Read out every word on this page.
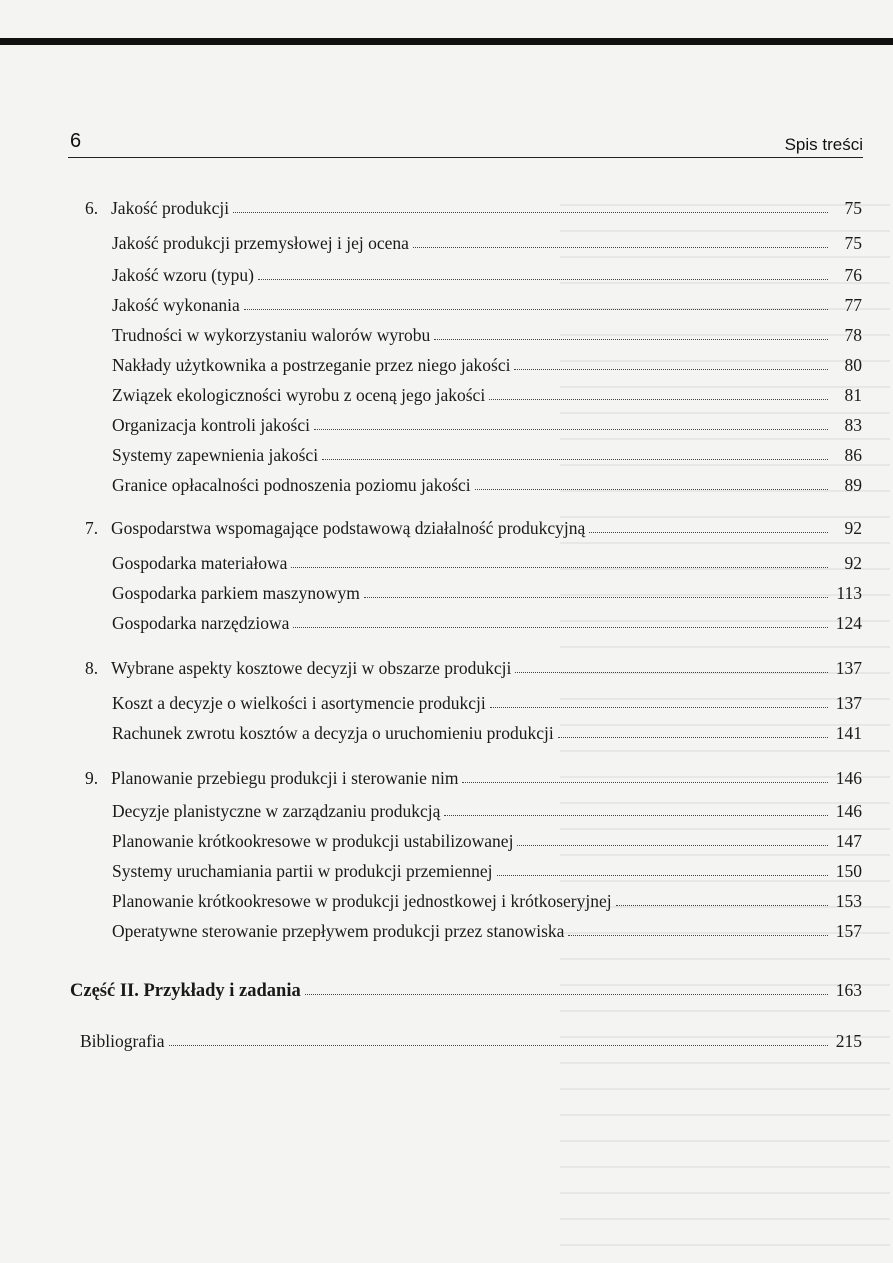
6	Spis treści
6. Jakość produkcji	75
Jakość produkcji przemysłowej i jej ocena	75
Jakość wzoru (typu)	76
Jakość wykonania	77
Trudności w wykorzystaniu walorów wyrobu	78
Nakłady użytkownika a postrzeganie przez niego jakości	80
Związek ekologiczności wyrobu z oceną jego jakości	81
Organizacja kontroli jakości	83
Systemy zapewnienia jakości	86
Granice opłacalności podnoszenia poziomu jakości	89
7. Gospodarstwa wspomagające podstawową działalność produkcyjną	92
Gospodarka materiałowa	92
Gospodarka parkiem maszynowym	113
Gospodarka narzędziowa	124
8. Wybrane aspekty kosztowe decyzji w obszarze produkcji	137
Koszt a decyzje o wielkości i asortymencie produkcji	137
Rachunek zwrotu kosztów a decyzja o uruchomieniu produkcji	141
9. Planowanie przebiegu produkcji i sterowanie nim	146
Decyzje planistyczne w zarządzaniu produkcją	146
Planowanie krótkookresowe w produkcji ustabilizowanej	147
Systemy uruchamiania partii w produkcji przemiennej	150
Planowanie krótkookresowe w produkcji jednostkowej i krótkoseryjnej	153
Operatywne sterowanie przepływem produkcji przez stanowiska	157
Część II. Przykłady i zadania	163
Bibliografia	215
